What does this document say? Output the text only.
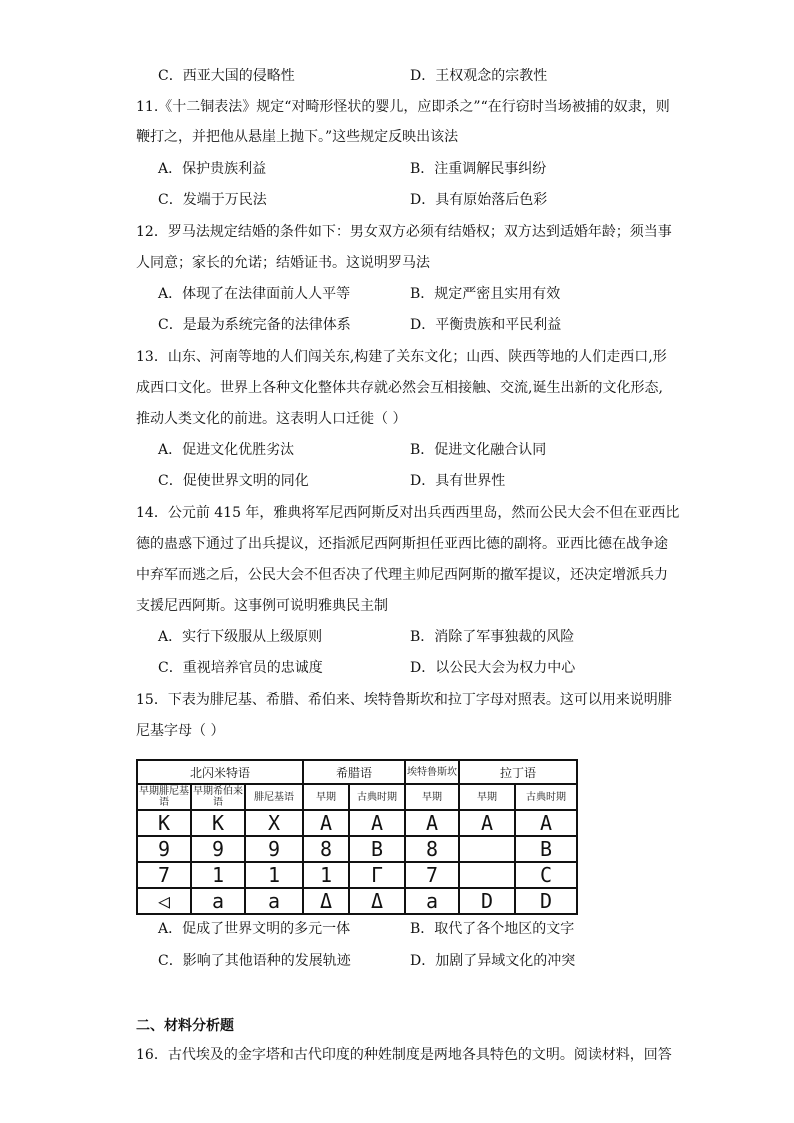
C．西亚大国的侵略性	D．王权观念的宗教性
11.《十二铜表法》规定“对畸形怪状的婴儿，应即杀之”“在行窃时当场被捕的奴隶，则
鞭打之，并把他从悬崖上抛下。”这些规定反映出该法
A．保护贵族利益	B．注重调解民事纠纷
C．发端于万民法	D．具有原始落后色彩
12．罗马法规定结婚的条件如下：男女双方必须有结婚权；双方达到适婚年龄；须当事
人同意；家长的允诺；结婚证书。这说明罗马法
A．体现了在法律面前人人平等	B．规定严密且实用有效
C．是最为系统完备的法律体系	D．平衡贵族和平民利益
13．山东、河南等地的人们闯关东,构建了关东文化；山西、陕西等地的人们走西口,形
成西口文化。世界上各种文化整体共存就必然会互相接触、交流,诞生出新的文化形态,
推动人类文化的前进。这表明人口迁徙（ ）
A．促进文化优胜劣汰	B．促进文化融合认同
C．促使世界文明的同化	D．具有世界性
14．公元前 415 年，雅典将军尼西阿斯反对出兵西西里岛，然而公民大会不但在亚西比
德的蛊惑下通过了出兵提议，还指派尼西阿斯担任亚西比德的副将。亚西比德在战争途
中弃军而逃之后，公民大会不但否决了代理主帅尼西阿斯的撤军提议，还决定增派兵力
支援尼西阿斯。这事例可说明雅典民主制
A．实行下级服从上级原则	B．消除了军事独裁的风险
C．重视培养官员的忠诚度	D．以公民大会为权力中心
15．下表为腓尼基、希腊、希伯来、埃特鲁斯坎和拉丁字母对照表。这可以用来说明腓
尼基字母（ ）
北闪米特语			希腊语		埃特鲁斯坎	拉丁语	
早期腓尼基语	早期希伯来语	腓尼基语	早期	古典时期	早期	早期	古典时期
K	K	X	A	A	A	A	A
9	9	9	8	B	8		B
7	1	1	1	Γ	7		C
◁	a	a	Δ	Δ	a	D	D
A．促成了世界文明的多元一体	B．取代了各个地区的文字
C．影响了其他语种的发展轨迹	D．加剧了异域文化的冲突
二、材料分析题
16．古代埃及的金字塔和古代印度的种姓制度是两地各具特色的文明。阅读材料，回答
